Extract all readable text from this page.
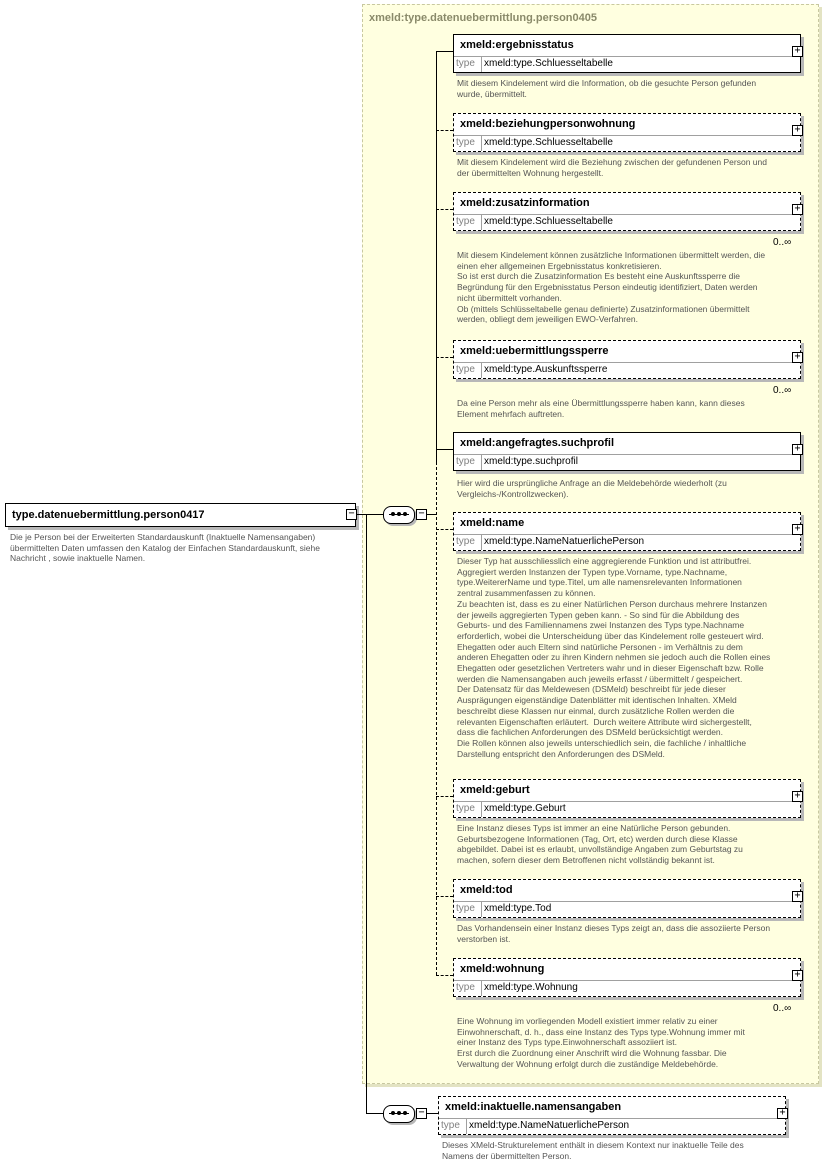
xmeld:type.datenuebermittlung.person0405
type.datenuebermittlung.person0417	−
Die je Person bei der Erweiterten Standardauskunft (Inaktuelle Namensangaben)
übermittelten Daten umfassen den Katalog der Einfachen Standardauskunft, siehe
Nachricht , sowie inaktuelle Namen.
−
−
xmeld:ergebnisstatus
type xmeld:type.Schluesseltabelle
+
Mit diesem Kindelement wird die Information, ob die gesuchte Person gefunden
wurde, übermittelt.
xmeld:beziehungpersonwohnung
type xmeld:type.Schluesseltabelle
+
Mit diesem Kindelement wird die Beziehung zwischen der gefundenen Person und
der übermittelten Wohnung hergestellt.
xmeld:zusatzinformation
type xmeld:type.Schluesseltabelle
+
0..∞
Mit diesem Kindelement können zusätzliche Informationen übermittelt werden, die
einen eher allgemeinen Ergebnisstatus konkretisieren.
So ist erst durch die Zusatzinformation Es besteht eine Auskunftssperre die
Begründung für den Ergebnisstatus Person eindeutig identifiziert, Daten werden
nicht übermittelt vorhanden.
Ob (mittels Schlüsseltabelle genau definierte) Zusatzinformationen übermittelt
werden, obliegt dem jeweiligen EWO-Verfahren.
xmeld:uebermittlungssperre
type xmeld:type.Auskunftssperre
+
0..∞
Da eine Person mehr als eine Übermittlungssperre haben kann, kann dieses
Element mehrfach auftreten.
xmeld:angefragtes.suchprofil
type xmeld:type.suchprofil
+
Hier wird die ursprüngliche Anfrage an die Meldebehörde wiederholt (zu
Vergleichs-/Kontrollzwecken).
xmeld:name
type xmeld:type.NameNatuerlichePerson
+
Dieser Typ hat ausschliesslich eine aggregierende Funktion und ist attributfrei.
Aggregiert werden Instanzen der Typen type.Vorname, type.Nachname,
type.WeitererName und type.Titel, um alle namensrelevanten Informationen
zentral zusammenfassen zu können.
Zu beachten ist, dass es zu einer Natürlichen Person durchaus mehrere Instanzen
der jeweils aggregierten Typen geben kann. - So sind für die Abbildung des
Geburts- und des Familiennamens zwei Instanzen des Typs type.Nachname
erforderlich, wobei die Unterscheidung über das Kindelement rolle gesteuert wird.
Ehegatten oder auch Eltern sind natürliche Personen - im Verhältnis zu dem
anderen Ehegatten oder zu ihren Kindern nehmen sie jedoch auch die Rollen eines
Ehegatten oder gesetzlichen Vertreters wahr und in dieser Eigenschaft bzw. Rolle
werden die Namensangaben auch jeweils erfasst / übermittelt / gespeichert.
Der Datensatz für das Meldewesen (DSMeld) beschreibt für jede dieser
Ausprägungen eigenständige Datenblätter mit identischen Inhalten. XMeld
beschreibt diese Klassen nur einmal, durch zusätzliche Rollen werden die
relevanten Eigenschaften erläutert.  Durch weitere Attribute wird sichergestellt,
dass die fachlichen Anforderungen des DSMeld berücksichtigt werden.
Die Rollen können also jeweils unterschiedlich sein, die fachliche / inhaltliche
Darstellung entspricht den Anforderungen des DSMeld.
xmeld:geburt
type xmeld:type.Geburt
+
Eine Instanz dieses Typs ist immer an eine Natürliche Person gebunden.
Geburtsbezogene Informationen (Tag, Ort, etc) werden durch diese Klasse
abgebildet. Dabei ist es erlaubt, unvollständige Angaben zum Geburtstag zu
machen, sofern dieser dem Betroffenen nicht vollständig bekannt ist.
xmeld:tod
type xmeld:type.Tod
+
Das Vorhandensein einer Instanz dieses Typs zeigt an, dass die assoziierte Person
verstorben ist.
xmeld:wohnung
type xmeld:type.Wohnung
+
0..∞
Eine Wohnung im vorliegenden Modell existiert immer relativ zu einer
Einwohnerschaft, d. h., dass eine Instanz des Typs type.Wohnung immer mit
einer Instanz des Typs type.Einwohnerschaft assoziiert ist.
Erst durch die Zuordnung einer Anschrift wird die Wohnung fassbar. Die
Verwaltung der Wohnung erfolgt durch die zuständige Meldebehörde.
xmeld:inaktuelle.namensangaben
type xmeld:type.NameNatuerlichePerson
+
Dieses XMeld-Strukturelement enthält in diesem Kontext nur inaktuelle Teile des
Namens der übermittelten Person.
